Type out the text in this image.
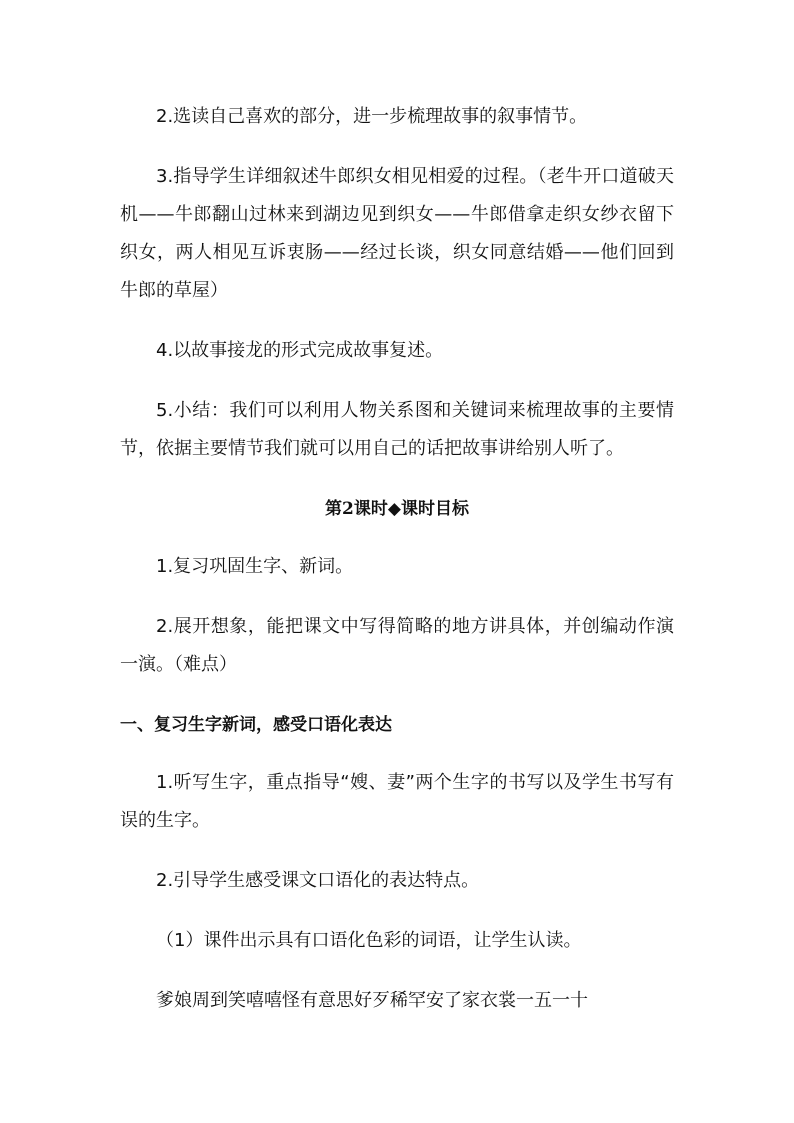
2.选读自己喜欢的部分，进一步梳理故事的叙事情节。

3.指导学生详细叙述牛郎织女相见相爱的过程。（老牛开口道破天机——牛郎翻山过林来到湖边见到织女——牛郎借拿走织女纱衣留下织女，两人相见互诉衷肠——经过长谈，织女同意结婚——他们回到牛郎的草屋）

4.以故事接龙的形式完成故事复述。

5.小结：我们可以利用人物关系图和关键词来梳理故事的主要情节，依据主要情节我们就可以用自己的话把故事讲给别人听了。

第2课时◆课时目标

1.复习巩固生字、新词。

2.展开想象，能把课文中写得简略的地方讲具体，并创编动作演一演。（难点）

一、复习生字新词，感受口语化表达

1.听写生字，重点指导“嫂、妻”两个生字的书写以及学生书写有误的生字。

2.引导学生感受课文口语化的表达特点。

（1）课件出示具有口语化色彩的词语，让学生认读。

爹娘周到笑嘻嘻怪有意思好歹稀罕安了家衣裳一五一十
